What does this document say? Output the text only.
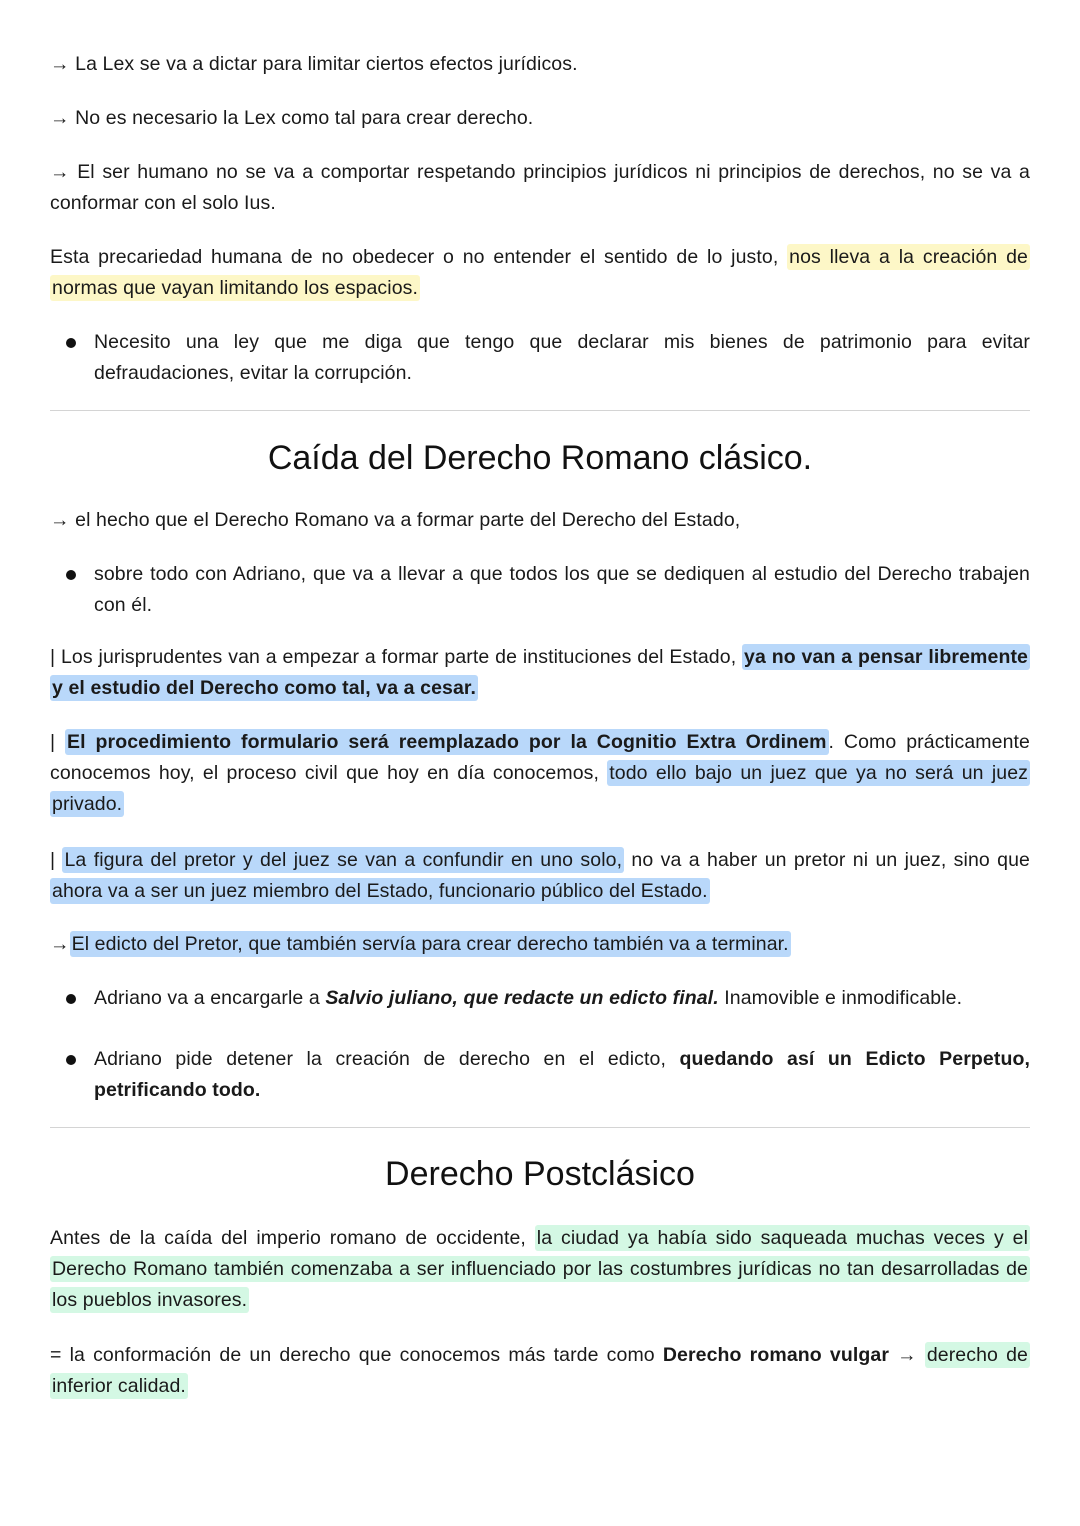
→ La Lex se va a dictar para limitar ciertos efectos jurídicos.
→ No es necesario la Lex como tal para crear derecho.
→ El ser humano no se va a comportar respetando principios jurídicos ni principios de derechos, no se va a conformar con el solo Ius.
Esta precariedad humana de no obedecer o no entender el sentido de lo justo, nos lleva a la creación de normas que vayan limitando los espacios.
Necesito una ley que me diga que tengo que declarar mis bienes de patrimonio para evitar defraudaciones, evitar la corrupción.
Caída del Derecho Romano clásico.
→ el hecho que el Derecho Romano va a formar parte del Derecho del Estado,
sobre todo con Adriano, que va a llevar a que todos los que se dediquen al estudio del Derecho trabajen con él.
| Los jurisprudentes van a empezar a formar parte de instituciones del Estado, ya no van a pensar libremente y el estudio del Derecho como tal, va a cesar.
| El procedimiento formulario será reemplazado por la Cognitio Extra Ordinem . Como prácticamente conocemos hoy, el proceso civil que hoy en día conocemos, todo ello bajo un juez que ya no será un juez privado.
| La figura del pretor y del juez se van a confundir en uno solo, no va a haber un pretor ni un juez, sino que ahora va a ser un juez miembro del Estado, funcionario público del Estado.
→ El edicto del Pretor, que también servía para crear derecho también va a terminar.
Adriano va a encargarle a Salvio juliano, que redacte un edicto final. Inamovible e inmodificable.
Adriano pide detener la creación de derecho en el edicto, quedando así un Edicto Perpetuo, petrificando todo.
Derecho Postclásico
Antes de la caída del imperio romano de occidente, la ciudad ya había sido saqueada muchas veces y el Derecho Romano también comenzaba a ser influenciado por las costumbres jurídicas no tan desarrolladas de los pueblos invasores.
= la conformación de un derecho que conocemos más tarde como Derecho romano vulgar → derecho de inferior calidad.
